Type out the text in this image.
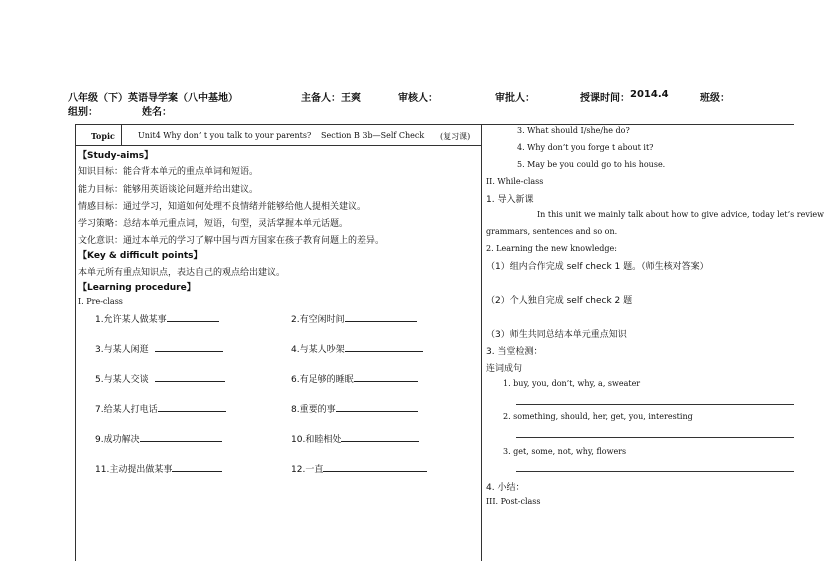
八年级（下）英语导学案（八中基地）	主备人：王爽	审核人：	审批人：	授课时间： 2014.4	班级：
组别：	姓名：
Topic	Unit4 Why don’ t you talk to your parents? Section B 3b—Self Check (复习课)
【Study-aims】
知识目标：能合背本单元的重点单词和短语。
能力目标：能够用英语谈论问题并给出建议。
情感目标：通过学习，知道如何处理不良情绪并能够给他人提相关建议。
学习策略：总结本单元重点词，短语，句型，灵活掌握本单元话题。
文化意识：通过本单元的学习了解中国与西方国家在孩子教育问题上的差异。
【Key & difficult points】
本单元所有重点知识点，表达自己的观点给出建议。
【Learning procedure】
I. Pre-class
1.允许某人做某事	2.有空闲时间
3.与某人闲逛	4.与某人吵架
5.与某人交谈	6.有足够的睡眠
7.给某人打电话	8.重要的事
9.成功解决	10.和睦相处
11.主动提出做某事	12.一直
3. What should I/she/he do?
4. Why don’t you forge t about it?
5. May be you could go to his house.
II. While-class
1. 导入新课
In this unit we mainly talk about how to give advice, today let’s review
grammars, sentences and so on.
2. Learning the new knowledge:
（1）组内合作完成 self check 1 题。（师生核对答案）
（2）个人独自完成 self check 2 题
（3）师生共同总结本单元重点知识
3. 当堂检测：
连词成句
1. buy, you, don’t, why, a, sweater
2. something, should, her, get, you, interesting
3. get, some, not, why, flowers
4. 小结：
III. Post-class
